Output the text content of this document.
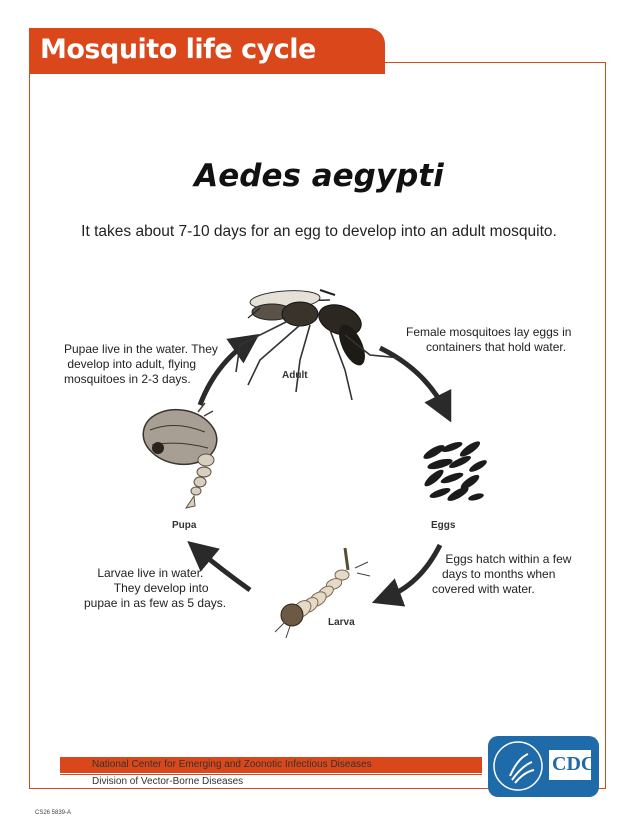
Mosquito life cycle
Aedes aegypti
It takes about 7-10 days for an egg to develop into an adult mosquito.
Adult
Eggs
Larva
Pupa
Female mosquitoes lay eggs in
containers that hold water.
Eggs hatch within a few
days to months when
covered with water.
Larvae live in water.
They develop into
pupae in as few as 5 days.
Pupae live in the water. They
develop into adult, flying
mosquitoes in 2-3 days.
National Center for Emerging and Zoonotic Infectious Diseases
Division of Vector-Borne Diseases
CS26 5839-A
CDC
